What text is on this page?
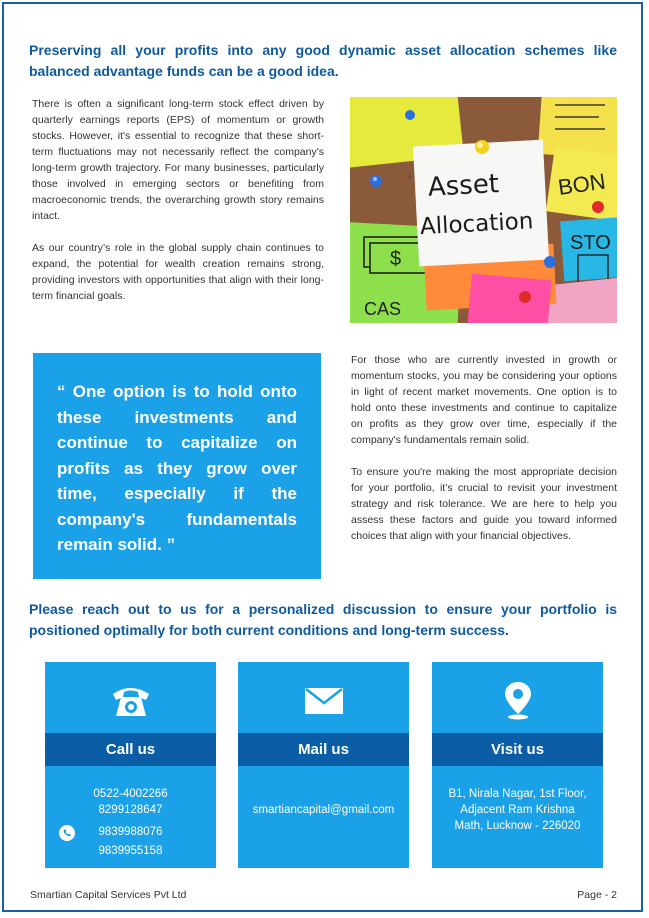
Preserving all your profits into any good dynamic asset allocation schemes like balanced advantage funds can be a good idea.

There is often a significant long-term stock effect driven by quarterly earnings reports (EPS) of momentum or growth stocks. However, it's essential to recognize that these short-term fluctuations may not necessarily reflect the company's long-term growth trajectory. For many businesses, particularly those involved in emerging sectors or benefiting from macroeconomic trends, the overarching growth story remains intact.

As our country’s role in the global supply chain continues to expand, the potential for wealth creation remains strong, providing investors with opportunities that align with their long-term financial goals.

BON
STO
$
CAS
Asset
Allocation
“ One option is to hold onto these investments and continue to capitalize on profits as they grow over time, especially if the company's fundamentals remain solid. ”

For those who are currently invested in growth or momentum stocks, you may be considering your options in light of recent market movements. One option is to hold onto these investments and continue to capitalize on profits as they grow over time, especially if the company's fundamentals remain solid.

To ensure you're making the most appropriate decision for your portfolio, it’s crucial to revisit your investment strategy and risk tolerance. We are here to help you assess these factors and guide you toward informed choices that align with your financial objectives.

Please reach out to us for a personalized discussion to ensure your portfolio is positioned optimally for both current conditions and long-term success.
Call us
0522-4002266
8299128647
9839988076
9839955158
Mail us
smartiancapital@gmail.com
Visit us
B1, Nirala Nagar, 1st Floor,
Adjacent Ram Krishna
Math, Lucknow - 226020
Smartian Capital Services Pvt Ltd	Page - 2
